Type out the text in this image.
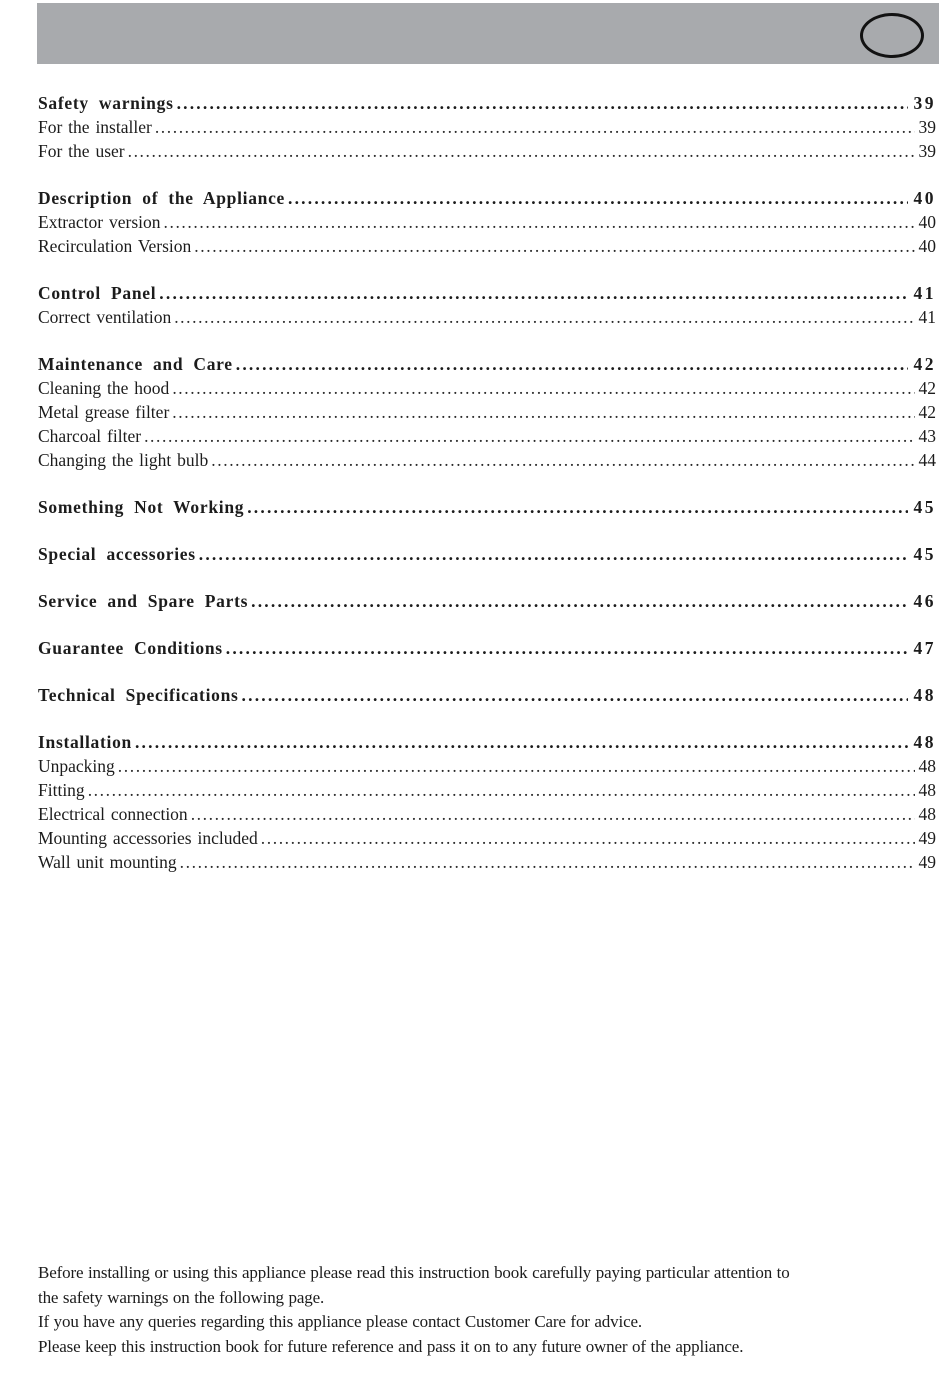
Safety warnings .....	39
For the installer .....	39
For the user .....	39
Description of the Appliance .....	40
Extractor version .....	40
Recirculation Version .....	40
Control Panel .....	41
Correct ventilation .....	41
Maintenance and Care .....	42
Cleaning the hood .....	42
Metal grease filter .....	42
Charcoal filter .....	43
Changing the light bulb .....	44
Something Not Working .....	45
Special accessories .....	45
Service and Spare Parts .....	46
Guarantee Conditions .....	47
Technical Specifications .....	48
Installation .....	48
Unpacking .....	48
Fitting .....	48
Electrical connection .....	48
Mounting accessories included .....	49
Wall unit mounting .....	49
Before installing or using this appliance please read this instruction book carefully paying particular attention to
the safety warnings on the following page.
If you have any queries regarding this appliance please contact Customer Care for advice.
Please keep this instruction book for future reference and pass it on to any future owner of the appliance.
